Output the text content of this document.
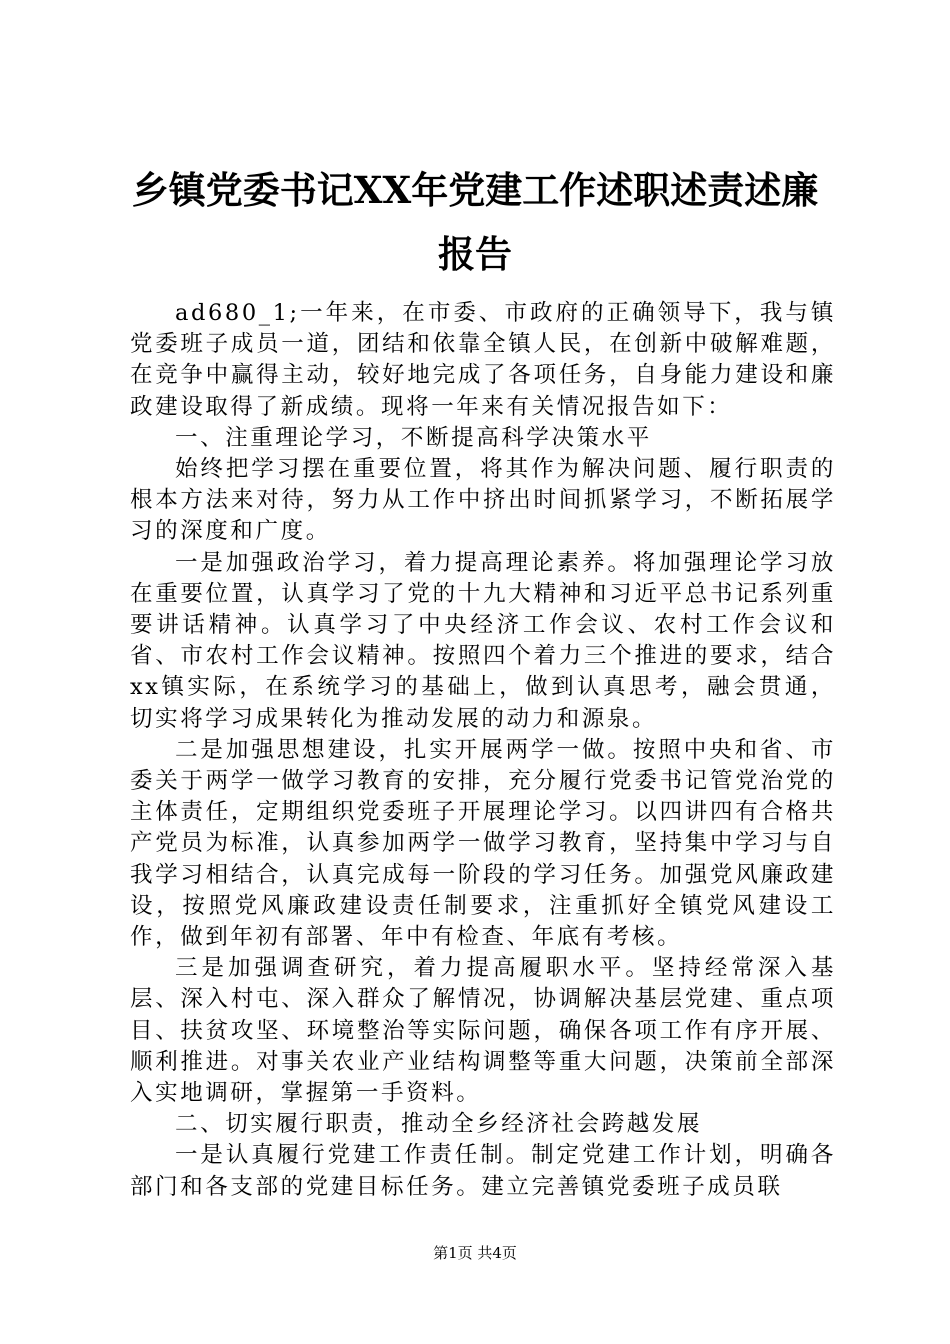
乡镇党委书记XX年党建工作述职述责述廉报告

ad680_1;一年来，在市委、市政府的正确领导下，我与镇党委班子成员一道，团结和依靠全镇人民，在创新中破解难题，在竞争中赢得主动，较好地完成了各项任务，自身能力建设和廉政建设取得了新成绩。现将一年来有关情况报告如下：

一、注重理论学习，不断提高科学决策水平

始终把学习摆在重要位置，将其作为解决问题、履行职责的根本方法来对待，努力从工作中挤出时间抓紧学习，不断拓展学习的深度和广度。

一是加强政治学习，着力提高理论素养。将加强理论学习放在重要位置，认真学习了党的十九大精神和习近平总书记系列重要讲话精神。认真学习了中央经济工作会议、农村工作会议和省、市农村工作会议精神。按照四个着力三个推进的要求，结合xx镇实际，在系统学习的基础上，做到认真思考，融会贯通，切实将学习成果转化为推动发展的动力和源泉。

二是加强思想建设，扎实开展两学一做。按照中央和省、市委关于两学一做学习教育的安排，充分履行党委书记管党治党的主体责任，定期组织党委班子开展理论学习。以四讲四有合格共产党员为标准，认真参加两学一做学习教育，坚持集中学习与自我学习相结合，认真完成每一阶段的学习任务。加强党风廉政建设，按照党风廉政建设责任制要求，注重抓好全镇党风建设工作，做到年初有部署、年中有检查、年底有考核。

三是加强调查研究，着力提高履职水平。坚持经常深入基层、深入村屯、深入群众了解情况，协调解决基层党建、重点项目、扶贫攻坚、环境整治等实际问题，确保各项工作有序开展、顺利推进。对事关农业产业结构调整等重大问题，决策前全部深入实地调研，掌握第一手资料。

二、切实履行职责，推动全乡经济社会跨越发展

一是认真履行党建工作责任制。制定党建工作计划，明确各部门和各支部的党建目标任务。建立完善镇党委班子成员联

第1页 共4页
